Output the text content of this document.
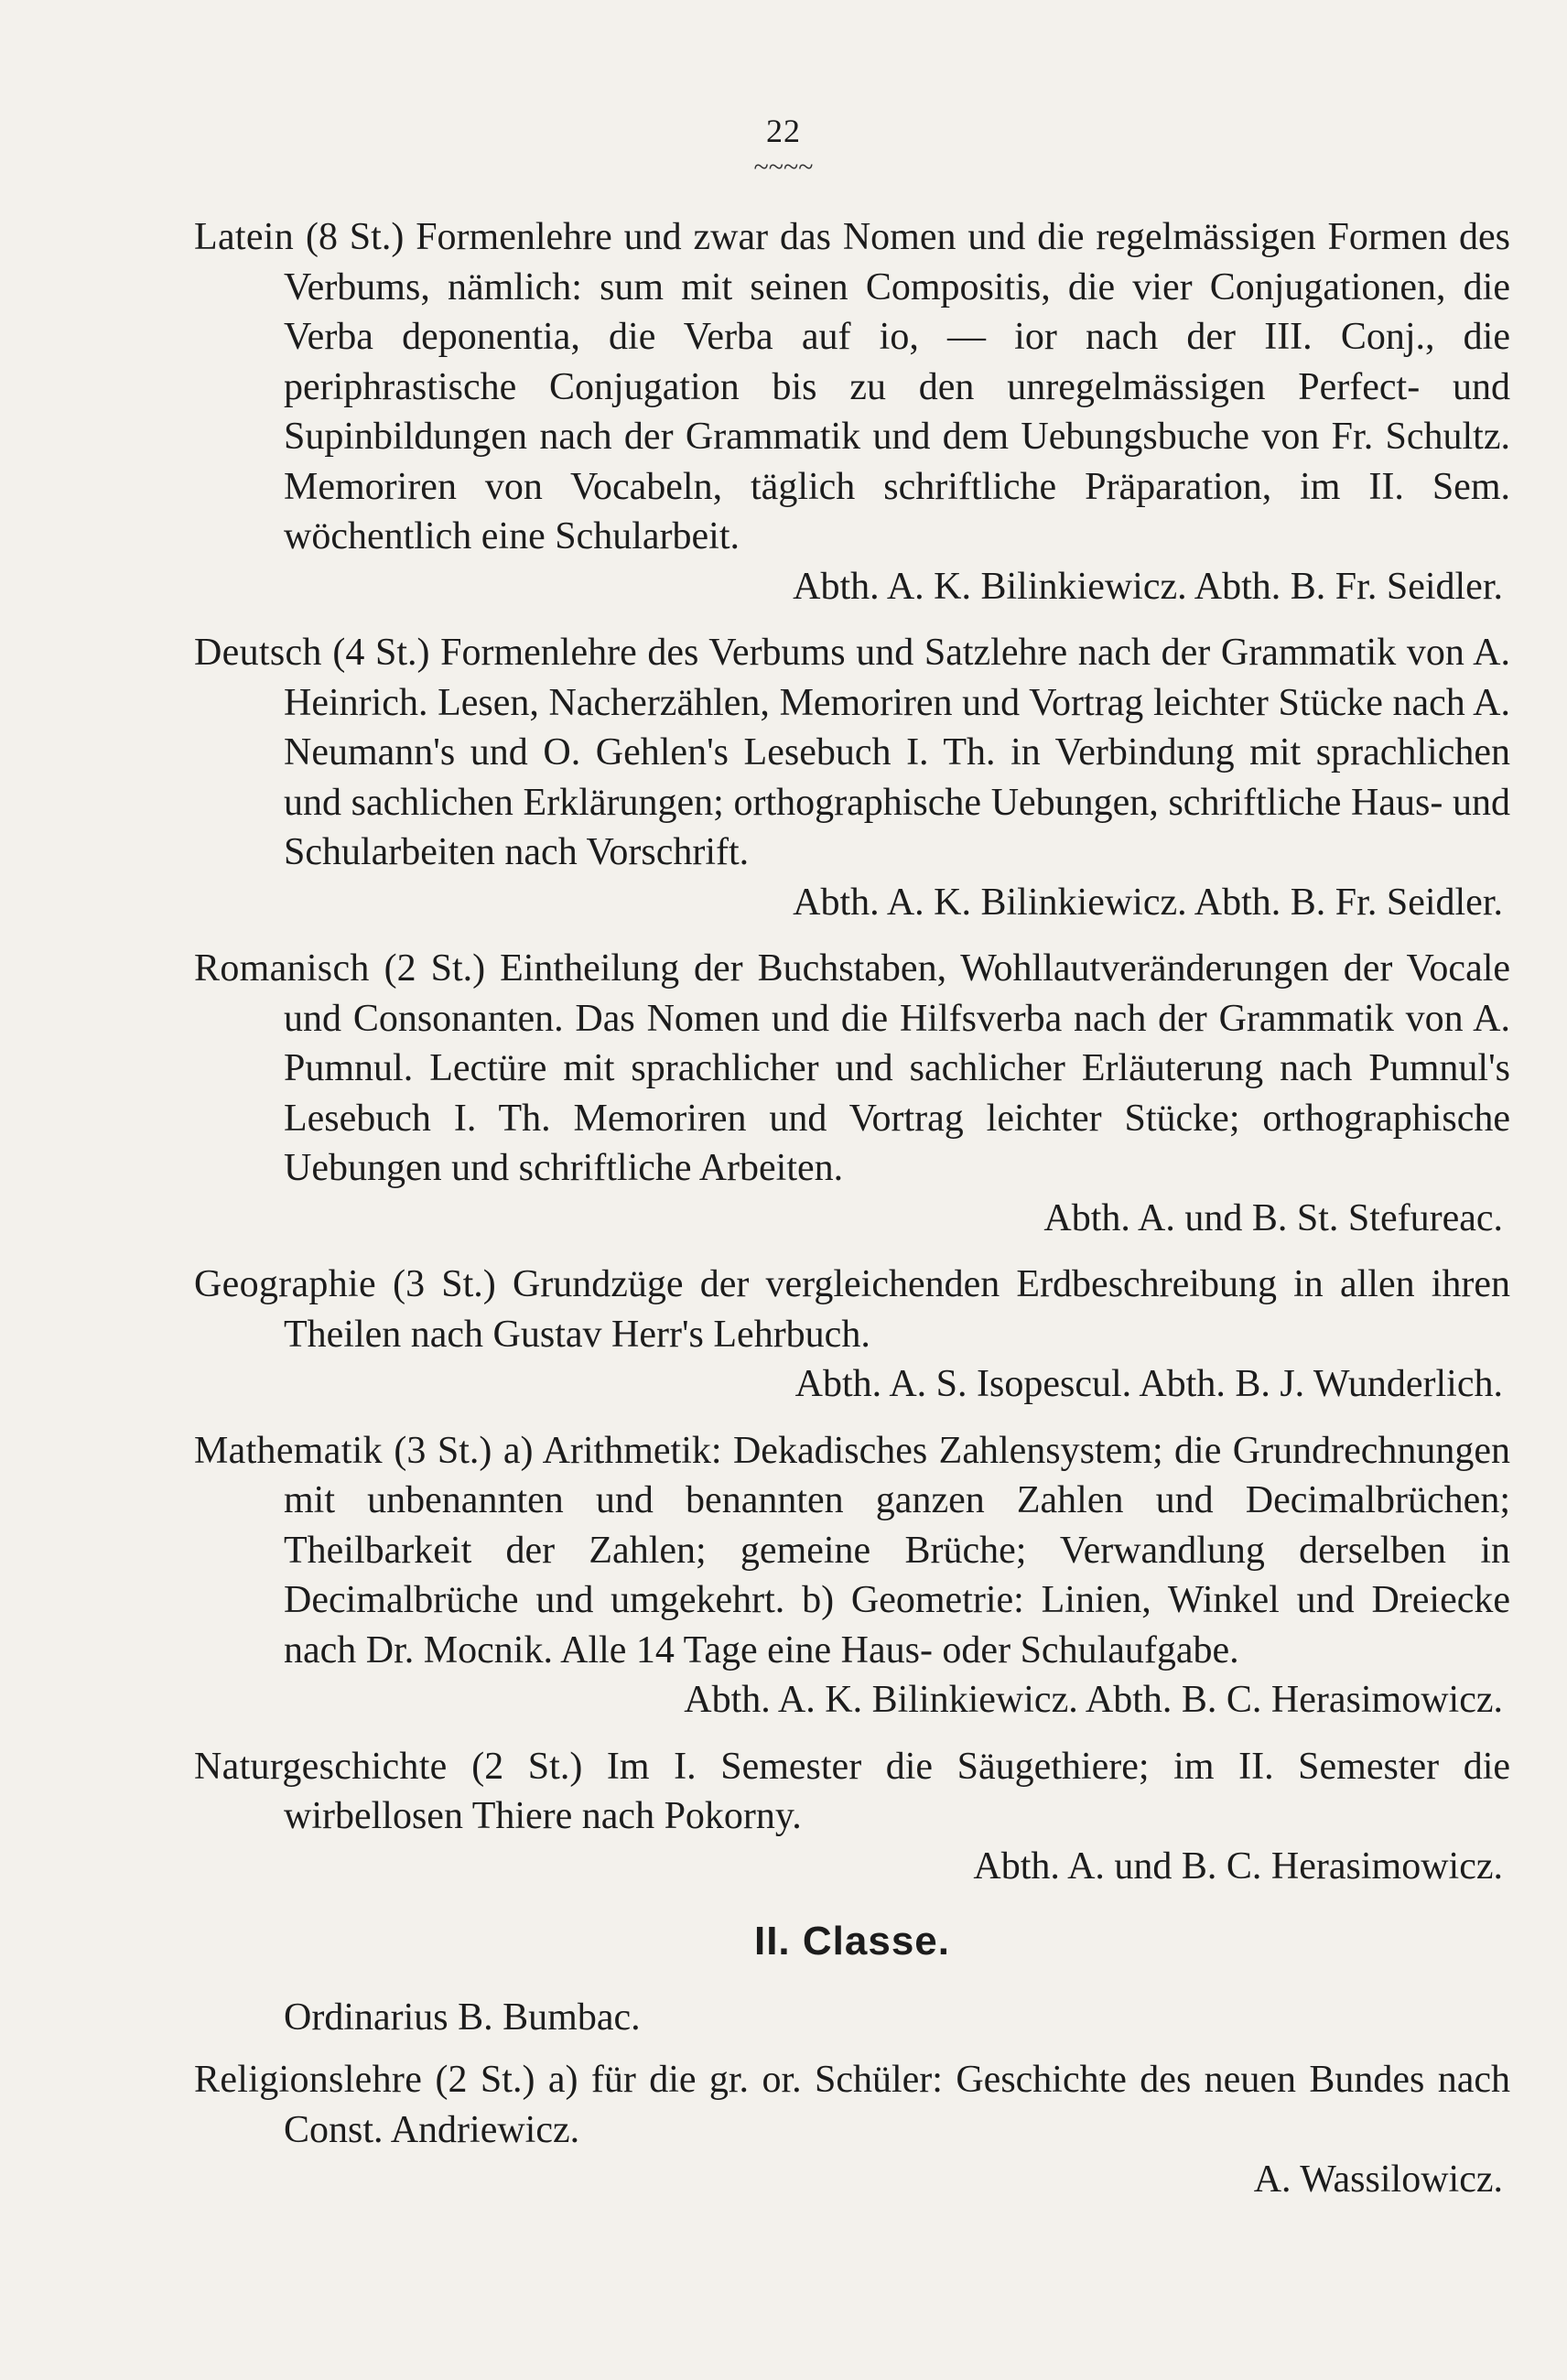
22
~~~~
Latein (8 St.) Formenlehre und zwar das Nomen und die regelmässigen Formen des Verbums, nämlich: sum mit seinen Compositis, die vier Conjugationen, die Verba deponentia, die Verba auf io, — ior nach der III. Conj., die periphrastische Conjugation bis zu den unregelmässigen Perfect- und Supinbildungen nach der Grammatik und dem Uebungsbuche von Fr. Schultz. Memoriren von Vocabeln, täglich schriftliche Präparation, im II. Sem. wöchentlich eine Schularbeit.
Abth. A. K. Bilinkiewicz. Abth. B. Fr. Seidler.
Deutsch (4 St.) Formenlehre des Verbums und Satzlehre nach der Grammatik von A. Heinrich. Lesen, Nacherzählen, Memoriren und Vortrag leichter Stücke nach A. Neumann's und O. Gehlen's Lesebuch I. Th. in Verbindung mit sprachlichen und sachlichen Erklärungen; orthographische Uebungen, schriftliche Haus- und Schularbeiten nach Vorschrift.
Abth. A. K. Bilinkiewicz. Abth. B. Fr. Seidler.
Romanisch (2 St.) Eintheilung der Buchstaben, Wohllautveränderungen der Vocale und Consonanten. Das Nomen und die Hilfsverba nach der Grammatik von A. Pumnul. Lectüre mit sprachlicher und sachlicher Erläuterung nach Pumnul's Lesebuch I. Th. Memoriren und Vortrag leichter Stücke; orthographische Uebungen und schriftliche Arbeiten.
Abth. A. und B. St. Stefureac.
Geographie (3 St.) Grundzüge der vergleichenden Erdbeschreibung in allen ihren Theilen nach Gustav Herr's Lehrbuch.
Abth. A. S. Isopescul. Abth. B. J. Wunderlich.
Mathematik (3 St.) a) Arithmetik: Dekadisches Zahlensystem; die Grundrechnungen mit unbenannten und benannten ganzen Zahlen und Decimalbrüchen; Theilbarkeit der Zahlen; gemeine Brüche; Verwandlung derselben in Decimalbrüche und umgekehrt. b) Geometrie: Linien, Winkel und Dreiecke nach Dr. Mocnik. Alle 14 Tage eine Haus- oder Schulaufgabe.
Abth. A. K. Bilinkiewicz. Abth. B. C. Herasimowicz.
Naturgeschichte (2 St.) Im I. Semester die Säugethiere; im II. Semester die wirbellosen Thiere nach Pokorny.
Abth. A. und B. C. Herasimowicz.
II. Classe.
Ordinarius B. Bumbac.
Religionslehre (2 St.) a) für die gr. or. Schüler: Geschichte des neuen Bundes nach Const. Andriewicz.
A. Wassilowicz.
